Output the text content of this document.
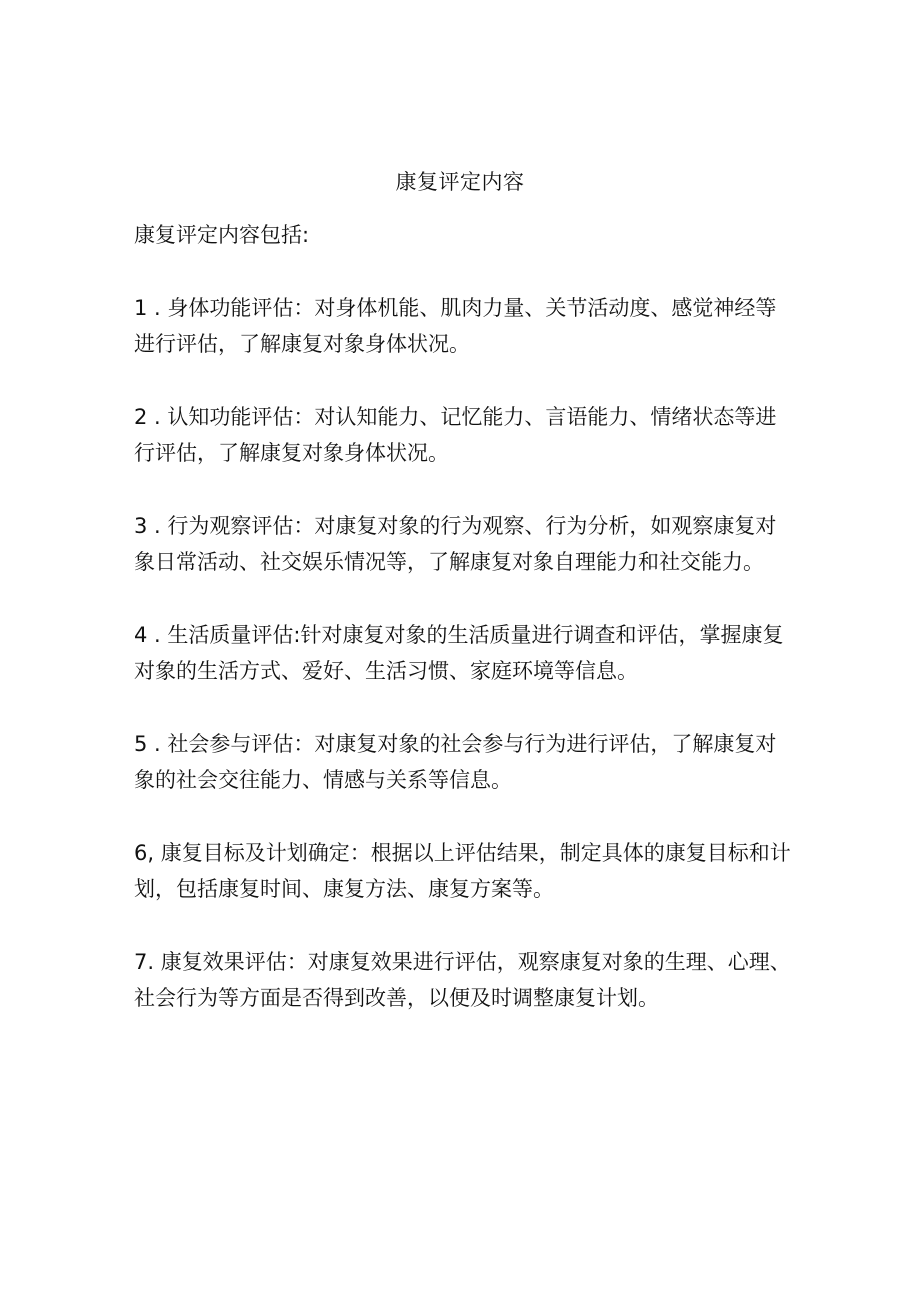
康复评定内容

康复评定内容包括:

1 . 身体功能评估：对身体机能、肌肉力量、关节活动度、感觉神经等进行评估，了解康复对象身体状况。

2 . 认知功能评估：对认知能力、记忆能力、言语能力、情绪状态等进行评估，了解康复对象身体状况。

3 . 行为观察评估：对康复对象的行为观察、行为分析，如观察康复对象日常活动、社交娱乐情况等，了解康复对象自理能力和社交能力。

4 . 生活质量评估:针对康复对象的生活质量进行调查和评估，掌握康复对象的生活方式、爱好、生活习惯、家庭环境等信息。

5 . 社会参与评估：对康复对象的社会参与行为进行评估，了解康复对象的社会交往能力、情感与关系等信息。

6, 康复目标及计划确定：根据以上评估结果，制定具体的康复目标和计划，包括康复时间、康复方法、康复方案等。

7. 康复效果评估：对康复效果进行评估，观察康复对象的生理、心理、社会行为等方面是否得到改善，以便及时调整康复计划。
